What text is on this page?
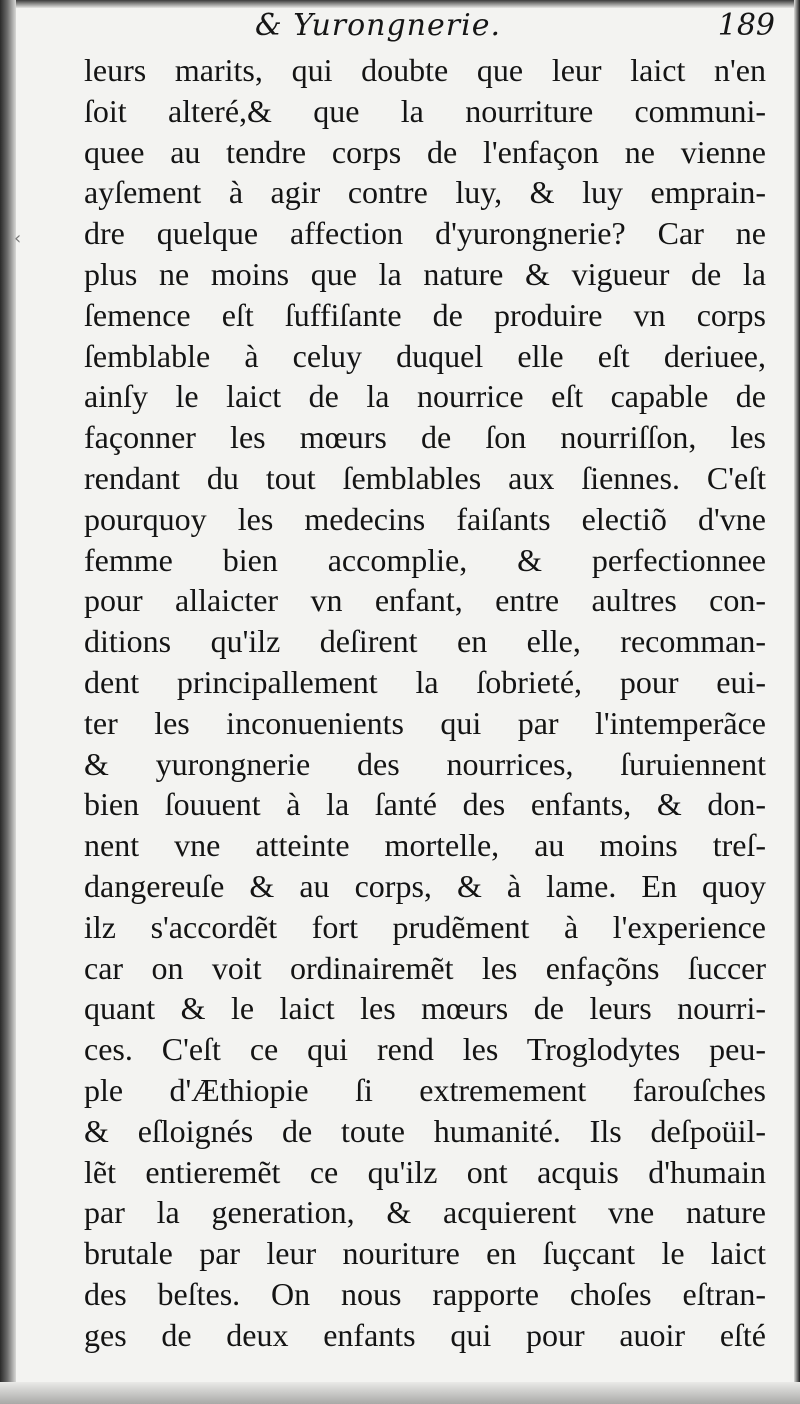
‹
& Yurongnerie.	189
leurs marits, qui doubte que leur laict n'en
ſoit alteré,& que la nourriture communi-
quee au tendre corps de l'enfaçon ne vienne
ayſement à agir contre luy, & luy emprain-
dre quelque affection d'yurongnerie? Car ne
plus ne moins que la nature & vigueur de la
ſemence eſt ſuffiſante de produire vn corps
ſemblable à celuy duquel elle eſt deriuee,
ainſy le laict de la nourrice eſt capable de
façonner les mœurs de ſon nourriſſon, les
rendant du tout ſemblables aux ſiennes. C'eſt
pourquoy les medecins faiſants electiõ d'vne
femme bien accomplie, & perfectionnee
pour allaicter vn enfant, entre aultres con-
ditions qu'ilz deſirent en elle, recomman-
dent principallement la ſobrieté, pour eui-
ter les inconuenients qui par l'intemperãce
& yurongnerie des nourrices, ſuruiennent
bien ſouuent à la ſanté des enfants, & don-
nent vne atteinte mortelle, au moins treſ-
dangereuſe & au corps, & à lame. En quoy
ilz s'accordẽt fort prudẽment à l'experience
car on voit ordinairemẽt les enfaçõns ſuccer
quant & le laict les mœurs de leurs nourri-
ces. C'eſt ce qui rend les Troglodytes peu-
ple d'Æthiopie ſi extremement farouſches
& eſloignés de toute humanité. Ils deſpoüil-
lẽt entieremẽt ce qu'ilz ont acquis d'humain
par la generation, & acquierent vne nature
brutale par leur nouriture en ſuçcant le laict
des beſtes. On nous rapporte choſes eſtran-
ges de deux enfants qui pour auoir eſté
